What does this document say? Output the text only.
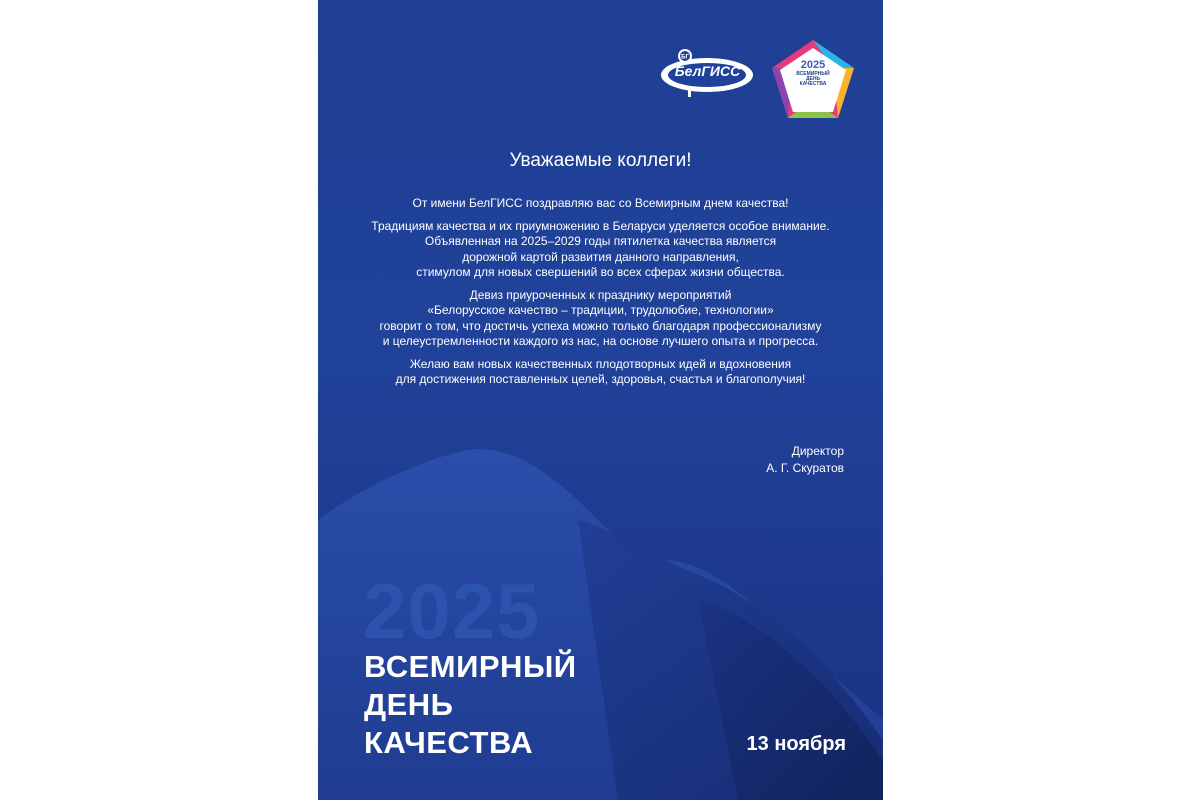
БГ
БелГИСС	2025
ВСЕМИРНЫЙ
ДЕНЬ
КАЧЕСТВА
Уважаемые коллеги!

От имени БелГИСС поздравляю вас со Всемирным днем качества!

Традициям качества и их приумножению в Беларуси уделяется особое внимание.
Объявленная на 2025–2029 годы пятилетка качества является
дорожной картой развития данного направления,
стимулом для новых свершений во всех сферах жизни общества.

Девиз приуроченных к празднику мероприятий
«Белорусское качество – традиции, трудолюбие, технологии»
говорит о том, что достичь успеха можно только благодаря профессионализму
и целеустремленности каждого из нас, на основе лучшего опыта и прогресса.

Желаю вам новых качественных плодотворных идей и вдохновения
для достижения поставленных целей, здоровья, счастья и благополучия!

Директор
А. Г. Скуратов
2025
ВСЕМИРНЫЙ
ДЕНЬ
КАЧЕСТВА	13 ноября
